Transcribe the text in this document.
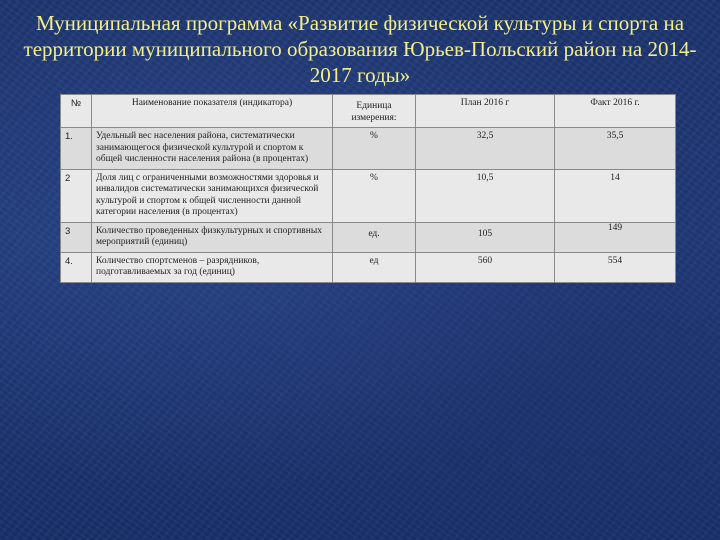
Муниципальная программа «Развитие физической культуры и спорта на территории муниципального образования Юрьев-Польский район на 2014-2017 годы»
№	Наименование показателя (индикатора)	Единица измерения:	План 2016 г	Факт 2016 г.
1.	Удельный вес населения района, систематически занимающегося физической культурой и спортом к общей численности населения района (в процентах)	%	32,5	35,5
2	Доля лиц с ограниченными возможностями здоровья и инвалидов систематически занимающихся физической культурой и спортом к общей численности данной категории населения (в процентах)	%	10,5	14
3	Количество проведенных физкультурных и спортивных мероприятий (единиц)	ед.	105	149
4.	Количество спортсменов – разрядников, подготавливаемых за год (единиц)	ед	560	554
